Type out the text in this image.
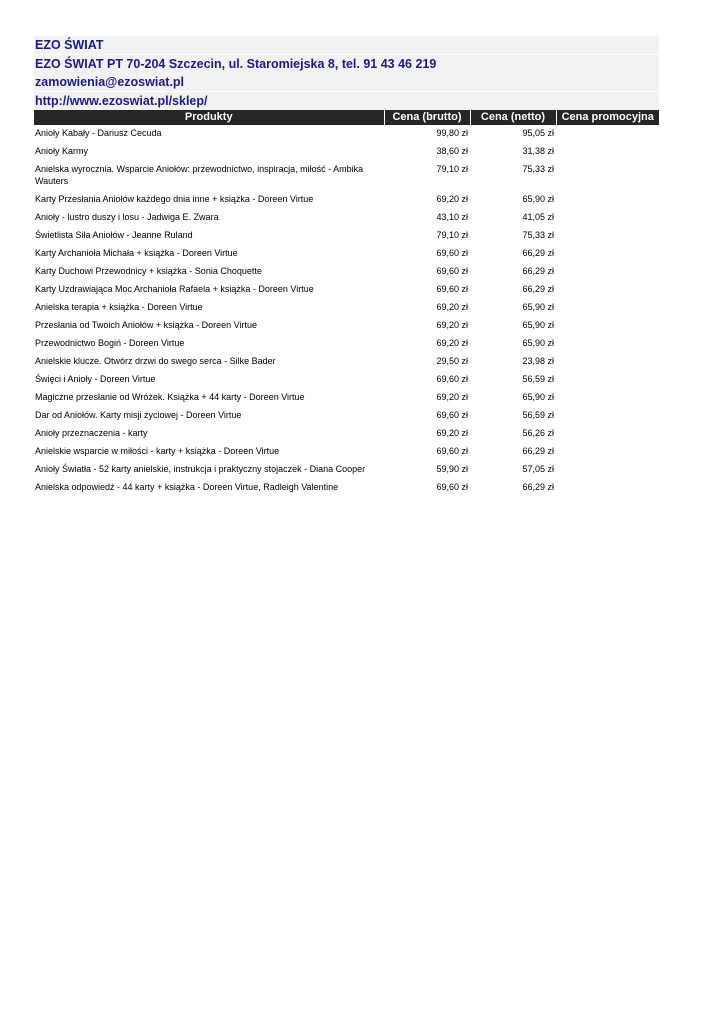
EZO ŚWIAT
EZO ŚWIAT PT 70-204 Szczecin, ul. Staromiejska 8, tel. 91 43 46 219
zamowienia@ezoswiat.pl
http://www.ezoswiat.pl/sklep/
Produkty	Cena (brutto)	Cena (netto)	Cena promocyjna
Anioły Kabały - Dariusz Cecuda	99,80 zł	95,05 zł	
Anioły Karmy	38,60 zł	31,38 zł	
Anielska wyrocznia. Wsparcie Aniołów: przewodnictwo, inspiracja, miłość - Ambika Wauters	79,10 zł	75,33 zł	
Karty Przesłania Aniołów każdego dnia inne + książka - Doreen Virtue	69,20 zł	65,90 zł	
Anioły - lustro duszy i losu - Jadwiga E. Zwara	43,10 zł	41,05 zł	
Świetlista Siła Aniołów - Jeanne Ruland	79,10 zł	75,33 zł	
Karty Archanioła Michała + książka - Doreen Virtue	69,60 zł	66,29 zł	
Karty Duchowi Przewodnicy + książka - Sonia Choquette	69,60 zł	66,29 zł	
Karty Uzdrawiająca Moc Archanioła Rafaela + książka - Doreen Virtue	69,60 zł	66,29 zł	
Anielska terapia + książka - Doreen Virtue	69,20 zł	65,90 zł	
Przesłania od Twoich Aniołów + książka - Doreen Virtue	69,20 zł	65,90 zł	
Przewodnictwo Bogiń - Doreen Virtue	69,20 zł	65,90 zł	
Anielskie klucze. Otwórz drzwi do swego serca - Silke Bader	29,50 zł	23,98 zł	
Święci i Anioły - Doreen Virtue	69,60 zł	56,59 zł	
Magiczne przesłanie od Wróżek. Książka + 44 karty - Doreen Virtue	69,20 zł	65,90 zł	
Dar od Aniołów. Karty misji życiowej - Doreen Virtue	69,60 zł	56,59 zł	
Anioły przeznaczenia - karty	69,20 zł	56,26 zł	
Anielskie wsparcie w miłości - karty + książka - Doreen Virtue	69,60 zł	66,29 zł	
Anioły Światła - 52 karty anielskie, instrukcja i praktyczny stojaczek - Diana Cooper	59,90 zł	57,05 zł	
Anielska odpowiedź - 44 karty + książka - Doreen Virtue, Radleigh Valentine	69,60 zł	66,29 zł	
